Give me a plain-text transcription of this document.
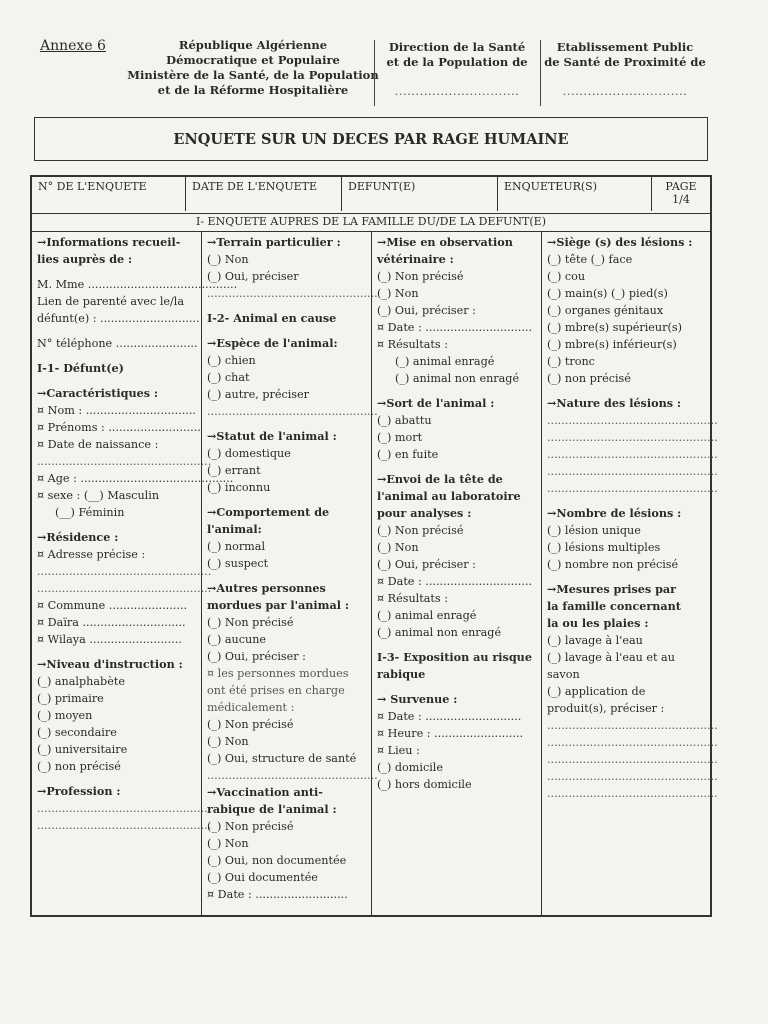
Annexe 6	République Algérienne
Démocratique et Populaire
Ministère de la Santé, de la Population
et de la Réforme Hospitalière
Direction de la Santé
et de la Population de
..............................
Etablissement Public
de Santé de Proximité de
..............................
ENQUETE SUR UN DECES PAR RAGE HUMAINE
N° DE L'ENQUETE	DATE DE L'ENQUETE	DEFUNT(E)	ENQUETEUR(S)	PAGE
1/4
I- ENQUETE AUPRES DE LA FAMILLE DU/DE LA DEFUNT(E)
→Informations recueil-
lies auprès de :
M. Mme ..........................................
Lien de parenté avec le/la
défunt(e) : ............................
N° téléphone .......................
I-1- Défunt(e)
→Caractéristiques :
¤ Nom : ...............................
¤ Prénoms : ..........................
¤ Date de naissance :
.................................................
¤ Age : ...........................................
¤ sexe : (__) Masculin
(__) Féminin
→Résidence :
¤ Adresse précise :
.................................................
.................................................
¤ Commune ......................
¤ Daïra .............................
¤ Wilaya ..........................
→Niveau d'instruction :
(_) analphabète
(_) primaire
(_) moyen
(_) secondaire
(_) universitaire
(_) non précisé
→Profession :
.................................................
.................................................
→Terrain particulier :
(_) Non
(_) Oui, préciser
................................................
I-2- Animal en cause
→Espèce de l'animal:
(_) chien
(_) chat
(_) autre, préciser
................................................
→Statut de l'animal :
(_) domestique
(_) errant
(_) inconnu
→Comportement de
l'animal:
(_) normal
(_) suspect
→Autres personnes
mordues par l'animal :
(_) Non précisé
(_) aucune
(_) Oui, préciser :
¤ les personnes mordues
ont été prises en charge
médicalement :
(_) Non précisé
(_) Non
(_) Oui, structure de santé
................................................
→Vaccination anti-
rabique de l'animal :
(_) Non précisé
(_) Non
(_) Oui, non documentée
(_) Oui documentée
¤ Date : ..........................
→Mise en observation
vétérinaire :
(_) Non précisé
(_) Non
(_) Oui, préciser :
¤ Date : ..............................
¤ Résultats :
(_) animal enragé
(_) animal non enragé
→Sort de l'animal :
(_) abattu
(_) mort
(_) en fuite
→Envoi de la tête de
l'animal au laboratoire
pour analyses :
(_) Non précisé
(_) Non
(_) Oui, préciser :
¤ Date : ..............................
¤ Résultats :
(_) animal enragé
(_) animal non enragé
I-3- Exposition au risque
rabique
→ Survenue :
¤ Date : ...........................
¤ Heure : .........................
¤ Lieu :
(_) domicile
(_) hors domicile
→Siège (s) des lésions :
(_) tête (_) face
(_) cou
(_) main(s) (_) pied(s)
(_) organes génitaux
(_) mbre(s) supérieur(s)
(_) mbre(s) inférieur(s)
(_) tronc
(_) non précisé
→Nature des lésions :
................................................
................................................
................................................
................................................
................................................
→Nombre de lésions :
(_) lésion unique
(_) lésions multiples
(_) nombre non précisé
→Mesures prises par
la famille concernant
la ou les plaies :
(_) lavage à l'eau
(_) lavage à l'eau et au
savon
(_) application de
produit(s), préciser :
................................................
................................................
................................................
................................................
................................................
